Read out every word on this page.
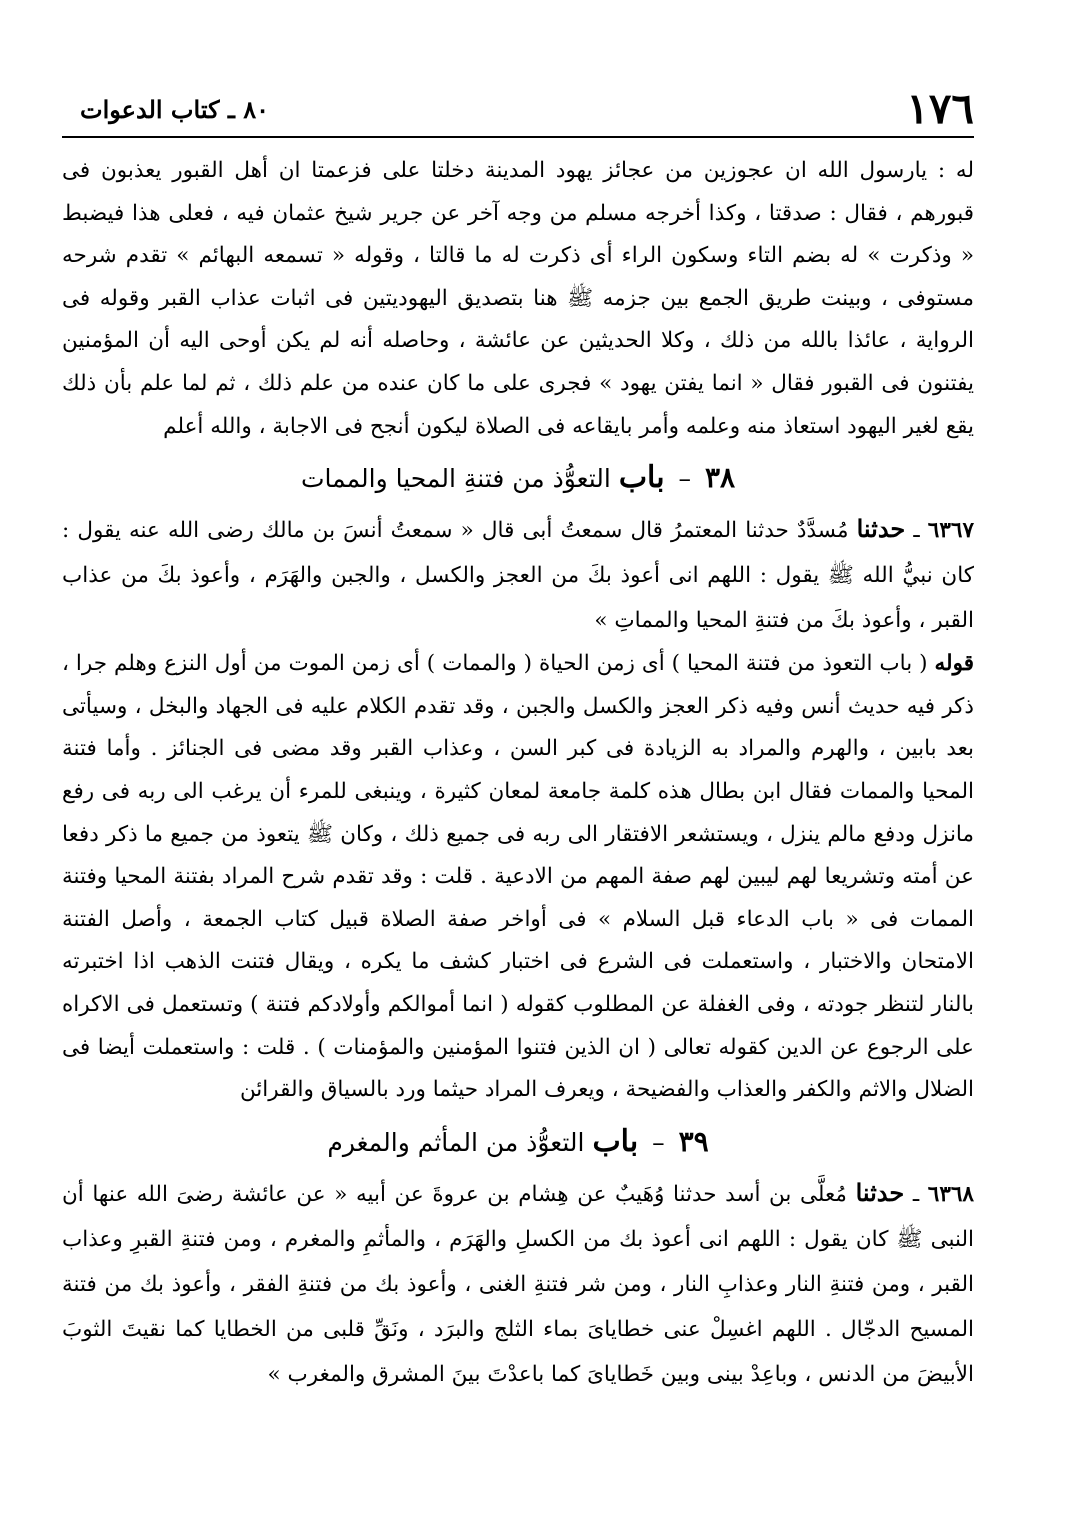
١٧٦
٨٠ ـ كتاب الدعوات

له : يارسول الله ان عجوزين من عجائز يهود المدينة دخلتا على فزعمتا ان أهل القبور يعذبون فى قبورهم ، فقال : صدقتا ، وكذا أخرجه مسلم من وجه آخر عن جرير شيخ عثمان فيه ، فعلى هذا فيضبط « وذكرت » له بضم التاء وسكون الراء أى ذكرت له ما قالتا ، وقوله « تسمعه البهائم » تقدم شرحه مستوفى ، وبينت طريق الجمع بين جزمه ﷺ هنا بتصديق اليهوديتين فى اثبات عذاب القبر وقوله فى الرواية ، عائذا بالله من ذلك ، وكلا الحديثين عن عائشة ، وحاصله أنه لم يكن أوحى اليه أن المؤمنين يفتنون فى القبور فقال « انما يفتن يهود » فجرى على ما كان عنده من علم ذلك ، ثم لما علم بأن ذلك يقع لغير اليهود استعاذ منه وعلمه وأمر بايقاعه فى الصلاة ليكون أنجح فى الاجابة ، والله أعلم

٣٨ – باب التعوُّذ من فتنةِ المحيا والممات

٦٣٦٧ ـ حدثنا مُسدَّدٌ حدثنا المعتمرُ قال سمعتُ أبى قال « سمعتُ أنسَ بن مالك رضى الله عنه يقول : كان نبيُّ الله ﷺ يقول : اللهم انى أعوذ بكَ من العجز والكسل ، والجبن والهَرَم ، وأعوذ بكَ من عذاب القبر ، وأعوذ بكَ من فتنةِ المحيا والمماتِ »

قوله ( باب التعوذ من فتنة المحيا ) أى زمن الحياة ( والممات ) أى زمن الموت من أول النزع وهلم جرا ، ذكر فيه حديث أنس وفيه ذكر العجز والكسل والجبن ، وقد تقدم الكلام عليه فى الجهاد والبخل ، وسيأتى بعد بابين ، والهرم والمراد به الزيادة فى كبر السن ، وعذاب القبر وقد مضى فى الجنائز . وأما فتنة المحيا والممات فقال ابن بطال هذه كلمة جامعة لمعان كثيرة ، وينبغى للمرء أن يرغب الى ربه فى رفع مانزل ودفع مالم ينزل ، ويستشعر الافتقار الى ربه فى جميع ذلك ، وكان ﷺ يتعوذ من جميع ما ذكر دفعا عن أمته وتشريعا لهم ليبين لهم صفة المهم من الادعية . قلت : وقد تقدم شرح المراد بفتنة المحيا وفتنة الممات فى « باب الدعاء قبل السلام » فى أواخر صفة الصلاة قبيل كتاب الجمعة ، وأصل الفتنة الامتحان والاختبار ، واستعملت فى الشرع فى اختبار كشف ما يكره ، ويقال فتنت الذهب اذا اختبرته بالنار لتنظر جودته ، وفى الغفلة عن المطلوب كقوله ( انما أموالكم وأولادكم فتنة ) وتستعمل فى الاكراه على الرجوع عن الدين كقوله تعالى ( ان الذين فتنوا المؤمنين والمؤمنات ) . قلت : واستعملت أيضا فى الضلال والاثم والكفر والعذاب والفضيحة ، ويعرف المراد حيثما ورد بالسياق والقرائن

٣٩ – باب التعوُّذ من المأثم والمغرم

٦٣٦٨ ـ حدثنا مُعلَّى بن أسد حدثنا وُهَيبٌ عن هِشام بن عروةَ عن أبيه « عن عائشة رضىَ الله عنها أن النبى ﷺ كان يقول : اللهم انى أعوذ بك من الكسلِ والهَرَم ، والمأثمِ والمغرم ، ومن فتنةِ القبرِ وعذاب القبر ، ومن فتنةِ النار وعذابِ النار ، ومن شر فتنةِ الغنى ، وأعوذ بك من فتنةِ الفقر ، وأعوذ بك من فتنة المسيح الدجّال . اللهم اغسِلْ عنى خطاياىَ بماء الثلج والبرَد ، ونَقِّ قلبى من الخطايا كما نقيتَ الثوبَ الأبيضَ من الدنس ، وباعِدْ بينى وبين خَطاياىَ كما باعدْتَ بينَ المشرق والمغرب »
